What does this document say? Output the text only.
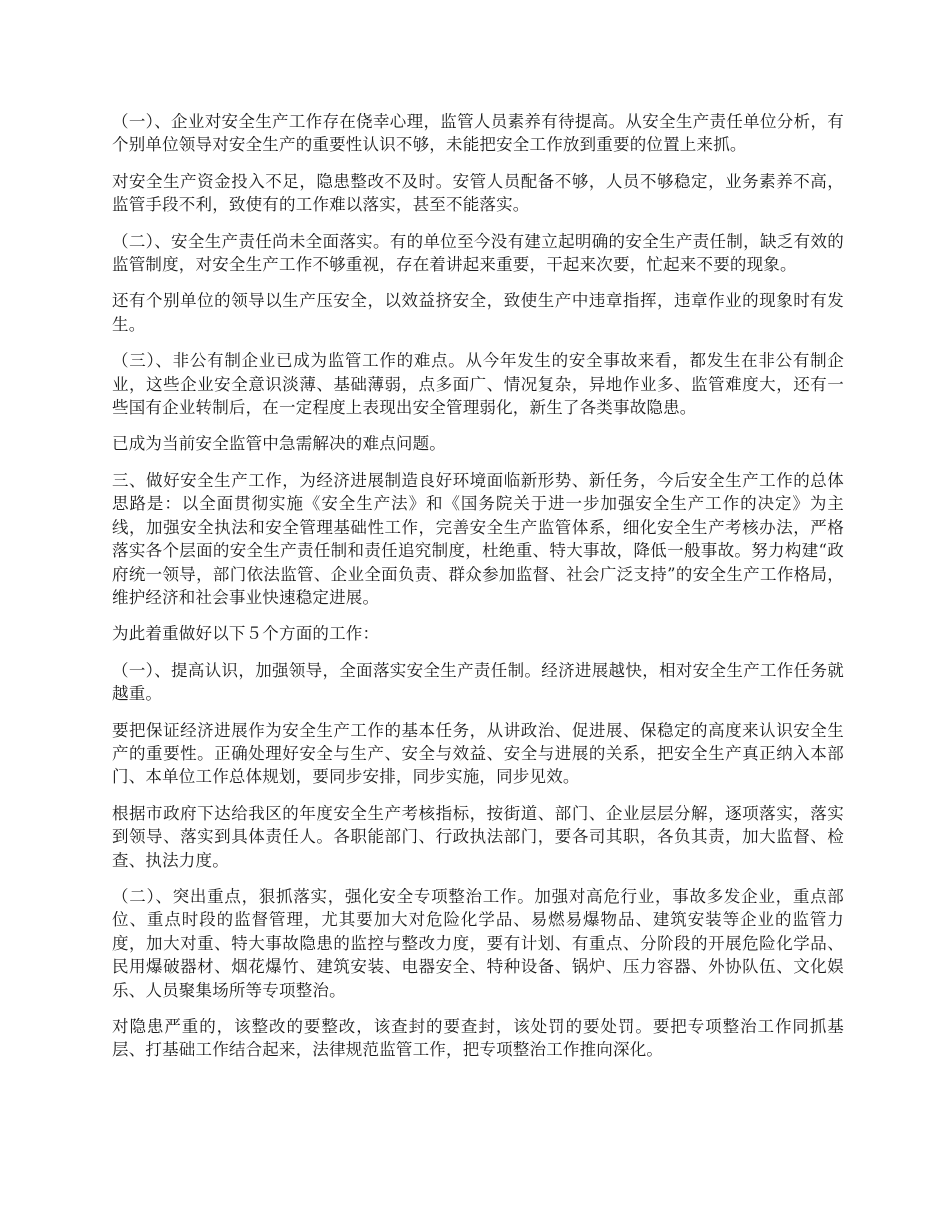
（一）、企业对安全生产工作存在侥幸心理，监管人员素养有待提高。从安全生产责任单位分析，有个别单位领导对安全生产的重要性认识不够，未能把安全工作放到重要的位置上来抓。

对安全生产资金投入不足，隐患整改不及时。安管人员配备不够，人员不够稳定，业务素养不高，监管手段不利，致使有的工作难以落实，甚至不能落实。

（二）、安全生产责任尚未全面落实。有的单位至今没有建立起明确的安全生产责任制，缺乏有效的监管制度，对安全生产工作不够重视，存在着讲起来重要，干起来次要，忙起来不要的现象。

还有个别单位的领导以生产压安全，以效益挤安全，致使生产中违章指挥，违章作业的现象时有发生。

（三）、非公有制企业已成为监管工作的难点。从今年发生的安全事故来看，都发生在非公有制企业，这些企业安全意识淡薄、基础薄弱，点多面广、情况复杂，异地作业多、监管难度大，还有一些国有企业转制后，在一定程度上表现出安全管理弱化，新生了各类事故隐患。

已成为当前安全监管中急需解决的难点问题。

三、做好安全生产工作，为经济进展制造良好环境面临新形势、新任务，今后安全生产工作的总体思路是：以全面贯彻实施《安全生产法》和《国务院关于进一步加强安全生产工作的决定》为主线，加强安全执法和安全管理基础性工作，完善安全生产监管体系，细化安全生产考核办法，严格落实各个层面的安全生产责任制和责任追究制度，杜绝重、特大事故，降低一般事故。努力构建“政府统一领导，部门依法监管、企业全面负责、群众参加监督、社会广泛支持”的安全生产工作格局，维护经济和社会事业快速稳定进展。

为此着重做好以下５个方面的工作：

（一）、提高认识，加强领导，全面落实安全生产责任制。经济进展越快，相对安全生产工作任务就越重。

要把保证经济进展作为安全生产工作的基本任务，从讲政治、促进展、保稳定的高度来认识安全生产的重要性。正确处理好安全与生产、安全与效益、安全与进展的关系，把安全生产真正纳入本部门、本单位工作总体规划，要同步安排，同步实施，同步见效。

根据市政府下达给我区的年度安全生产考核指标，按街道、部门、企业层层分解，逐项落实，落实到领导、落实到具体责任人。各职能部门、行政执法部门，要各司其职，各负其责，加大监督、检查、执法力度。

（二）、突出重点，狠抓落实，强化安全专项整治工作。加强对高危行业，事故多发企业，重点部位、重点时段的监督管理，尤其要加大对危险化学品、易燃易爆物品、建筑安装等企业的监管力度，加大对重、特大事故隐患的监控与整改力度，要有计划、有重点、分阶段的开展危险化学品、民用爆破器材、烟花爆竹、建筑安装、电器安全、特种设备、锅炉、压力容器、外协队伍、文化娱乐、人员聚集场所等专项整治。

对隐患严重的，该整改的要整改，该查封的要查封，该处罚的要处罚。要把专项整治工作同抓基层、打基础工作结合起来，法律规范监管工作，把专项整治工作推向深化。
